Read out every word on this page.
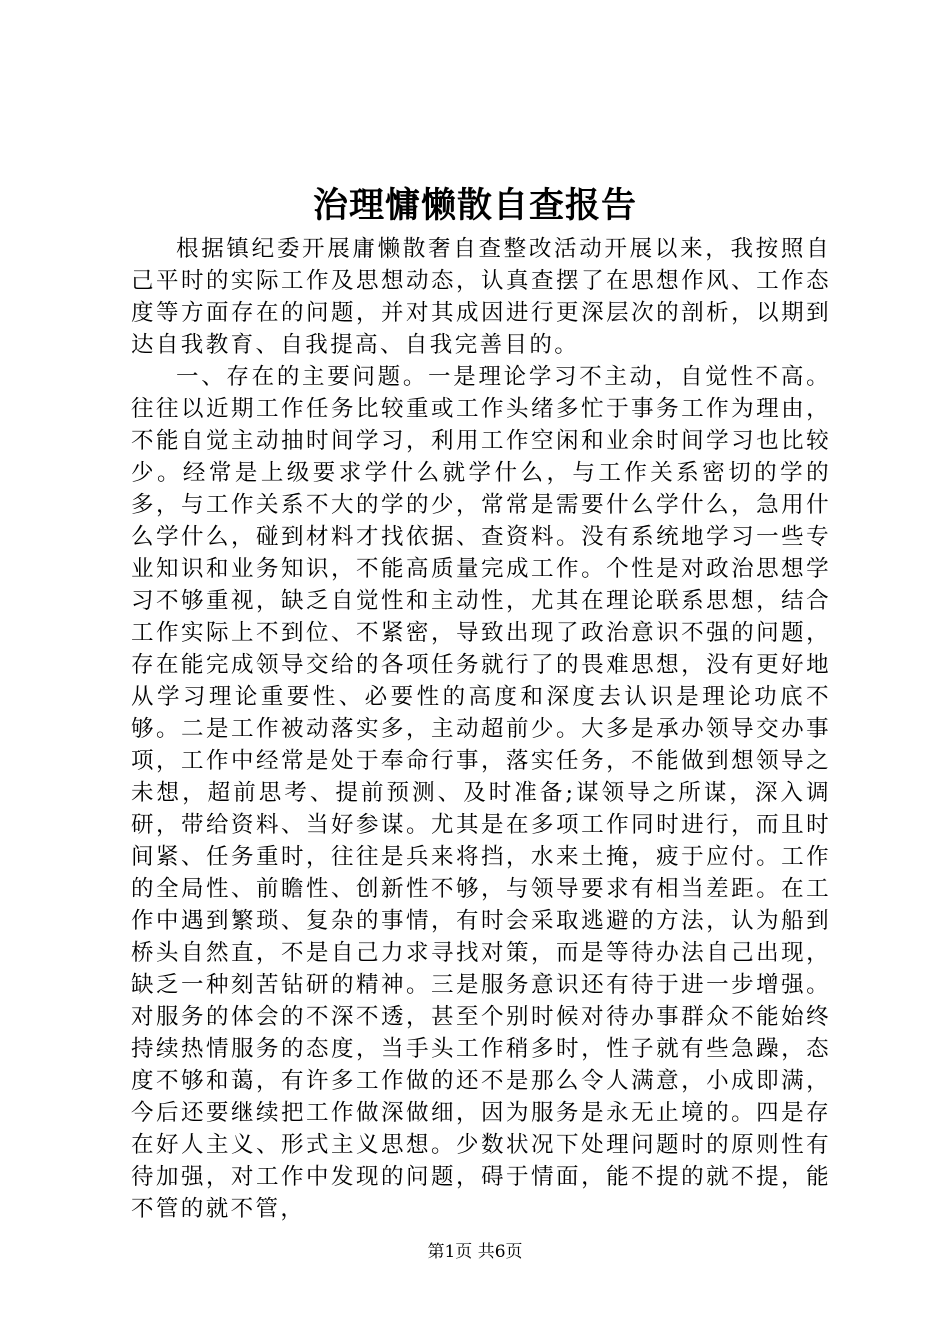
治理慵懒散自查报告

根据镇纪委开展庸懒散奢自查整改活动开展以来，我按照自己平时的实际工作及思想动态，认真查摆了在思想作风、工作态度等方面存在的问题，并对其成因进行更深层次的剖析，以期到达自我教育、自我提高、自我完善目的。

一、存在的主要问题。一是理论学习不主动，自觉性不高。往往以近期工作任务比较重或工作头绪多忙于事务工作为理由，不能自觉主动抽时间学习，利用工作空闲和业余时间学习也比较少。经常是上级要求学什么就学什么，与工作关系密切的学的多，与工作关系不大的学的少，常常是需要什么学什么，急用什么学什么，碰到材料才找依据、查资料。没有系统地学习一些专业知识和业务知识，不能高质量完成工作。个性是对政治思想学习不够重视，缺乏自觉性和主动性，尤其在理论联系思想，结合工作实际上不到位、不紧密，导致出现了政治意识不强的问题，存在能完成领导交给的各项任务就行了的畏难思想，没有更好地从学习理论重要性、必要性的高度和深度去认识是理论功底不够。二是工作被动落实多，主动超前少。大多是承办领导交办事项，工作中经常是处于奉命行事，落实任务，不能做到想领导之未想，超前思考、提前预测、及时准备;谋领导之所谋，深入调研，带给资料、当好参谋。尤其是在多项工作同时进行，而且时间紧、任务重时，往往是兵来将挡，水来土掩，疲于应付。工作的全局性、前瞻性、创新性不够，与领导要求有相当差距。在工作中遇到繁琐、复杂的事情，有时会采取逃避的方法，认为船到桥头自然直，不是自己力求寻找对策，而是等待办法自己出现，缺乏一种刻苦钻研的精神。三是服务意识还有待于进一步增强。对服务的体会的不深不透，甚至个别时候对待办事群众不能始终持续热情服务的态度，当手头工作稍多时，性子就有些急躁，态度不够和蔼，有许多工作做的还不是那么令人满意，小成即满，今后还要继续把工作做深做细，因为服务是永无止境的。四是存在好人主义、形式主义思想。少数状况下处理问题时的原则性有待加强，对工作中发现的问题，碍于情面，能不提的就不提，能不管的就不管，

第1页 共6页
